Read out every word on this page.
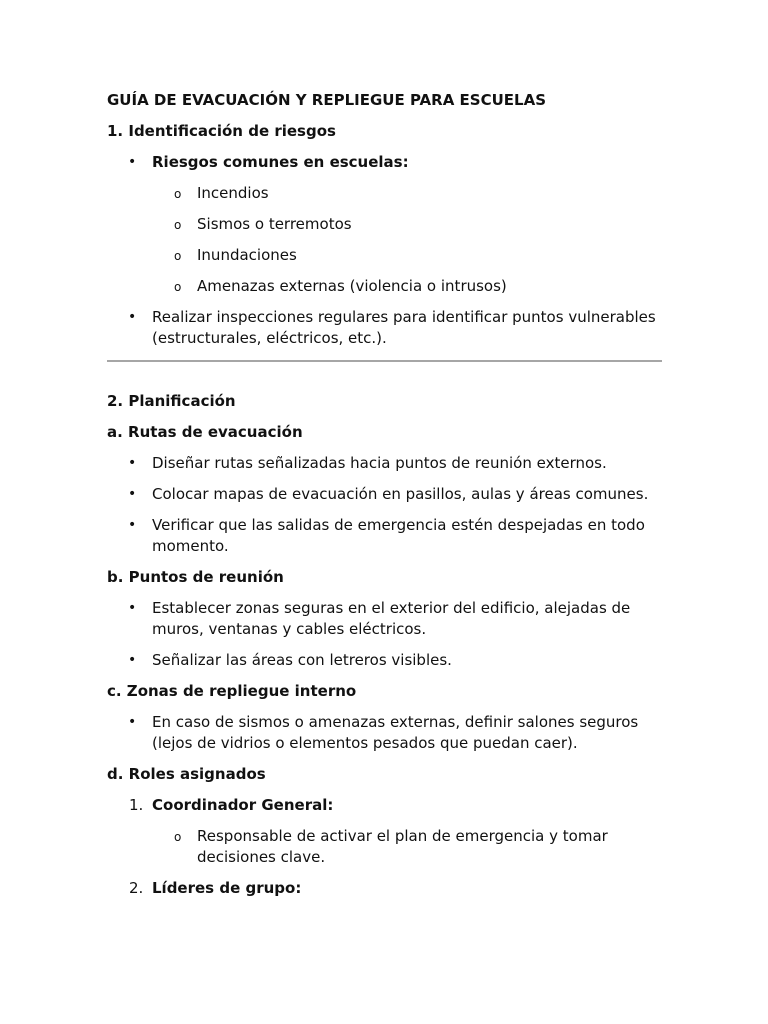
GUÍA DE EVACUACIÓN Y REPLIEGUE PARA ESCUELAS

1. Identificación de riesgos

• Riesgos comunes en escuelas:

o Incendios

o Sismos o terremotos

o Inundaciones

o Amenazas externas (violencia o intrusos)

• Realizar inspecciones regulares para identificar puntos vulnerables (estructurales, eléctricos, etc.).

2. Planificación

a. Rutas de evacuación

• Diseñar rutas señalizadas hacia puntos de reunión externos.

• Colocar mapas de evacuación en pasillos, aulas y áreas comunes.

• Verificar que las salidas de emergencia estén despejadas en todo momento.

b. Puntos de reunión

• Establecer zonas seguras en el exterior del edificio, alejadas de muros, ventanas y cables eléctricos.

• Señalizar las áreas con letreros visibles.

c. Zonas de repliegue interno

• En caso de sismos o amenazas externas, definir salones seguros (lejos de vidrios o elementos pesados que puedan caer).

d. Roles asignados

1. Coordinador General:

o Responsable de activar el plan de emergencia y tomar decisiones clave.

2. Líderes de grupo:
